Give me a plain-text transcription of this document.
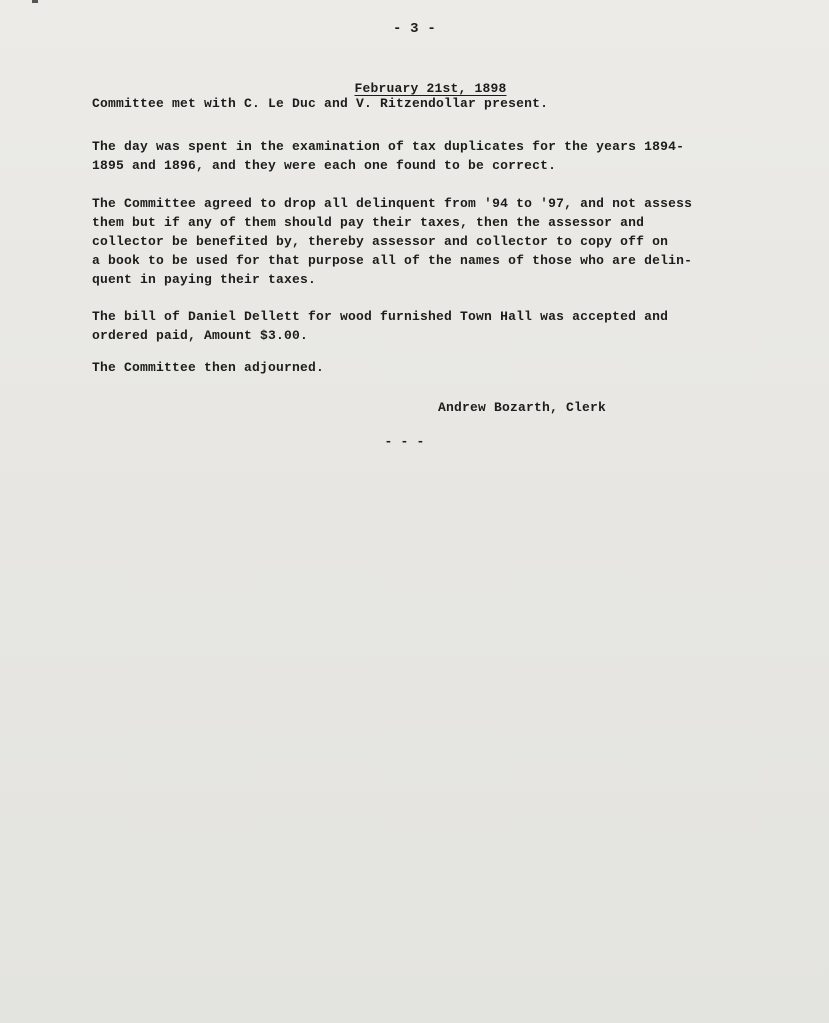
- 3 -

February 21st, 1898

Committee met with C. Le Duc and V. Ritzendollar present.
The day was spent in the examination of tax duplicates for the years 1894-
1895 and 1896, and they were each one found to be correct.
The Committee agreed to drop all delinquent from '94 to '97, and not assess
them but if any of them should pay their taxes, then the assessor and
collector be benefited by, thereby assessor and collector to copy off on
a book to be used for that purpose all of the names of those who are delin-
quent in paying their taxes.
The bill of Daniel Dellett for wood furnished Town Hall was accepted and
ordered paid, Amount $3.00.
The Committee then adjourned.
Andrew Bozarth, Clerk
- - -
